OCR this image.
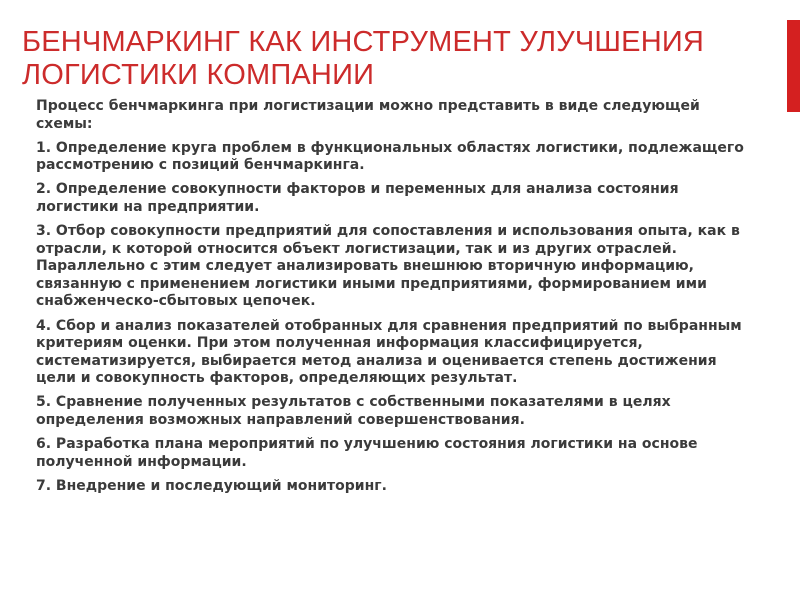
БЕНЧМАРКИНГ КАК ИНСТРУМЕНТ УЛУЧШЕНИЯ
ЛОГИСТИКИ КОМПАНИИ

Процесс бенчмаркинга при логистизации можно представить в виде следующей схемы:

1. Определение круга проблем в функциональных областях логистики, подлежащего рассмотрению с позиций бенчмаркинга.

2. Определение совокупности факторов и переменных для анализа состояния логистики на предприятии.

3. Отбор совокупности предприятий для сопоставления и использования опыта, как в отрасли, к которой относится объект логистизации, так и из других отраслей. Параллельно с этим следует анализировать внешнюю вторичную информацию, связанную с применением логистики иными предприятиями, формированием ими снабженческо-сбытовых цепочек.

4. Сбор и анализ показателей отобранных для сравнения предприятий по выбранным критериям оценки. При этом полученная информация классифицируется, систематизируется, выбирается метод анализа и оценивается степень достижения цели и совокупность факторов, определяющих результат.

5. Сравнение полученных результатов с собственными показателями в целях определения возможных направлений совершенствования.

6. Разработка плана мероприятий по улучшению состояния логистики на основе полученной информации.

7. Внедрение и последующий мониторинг.
